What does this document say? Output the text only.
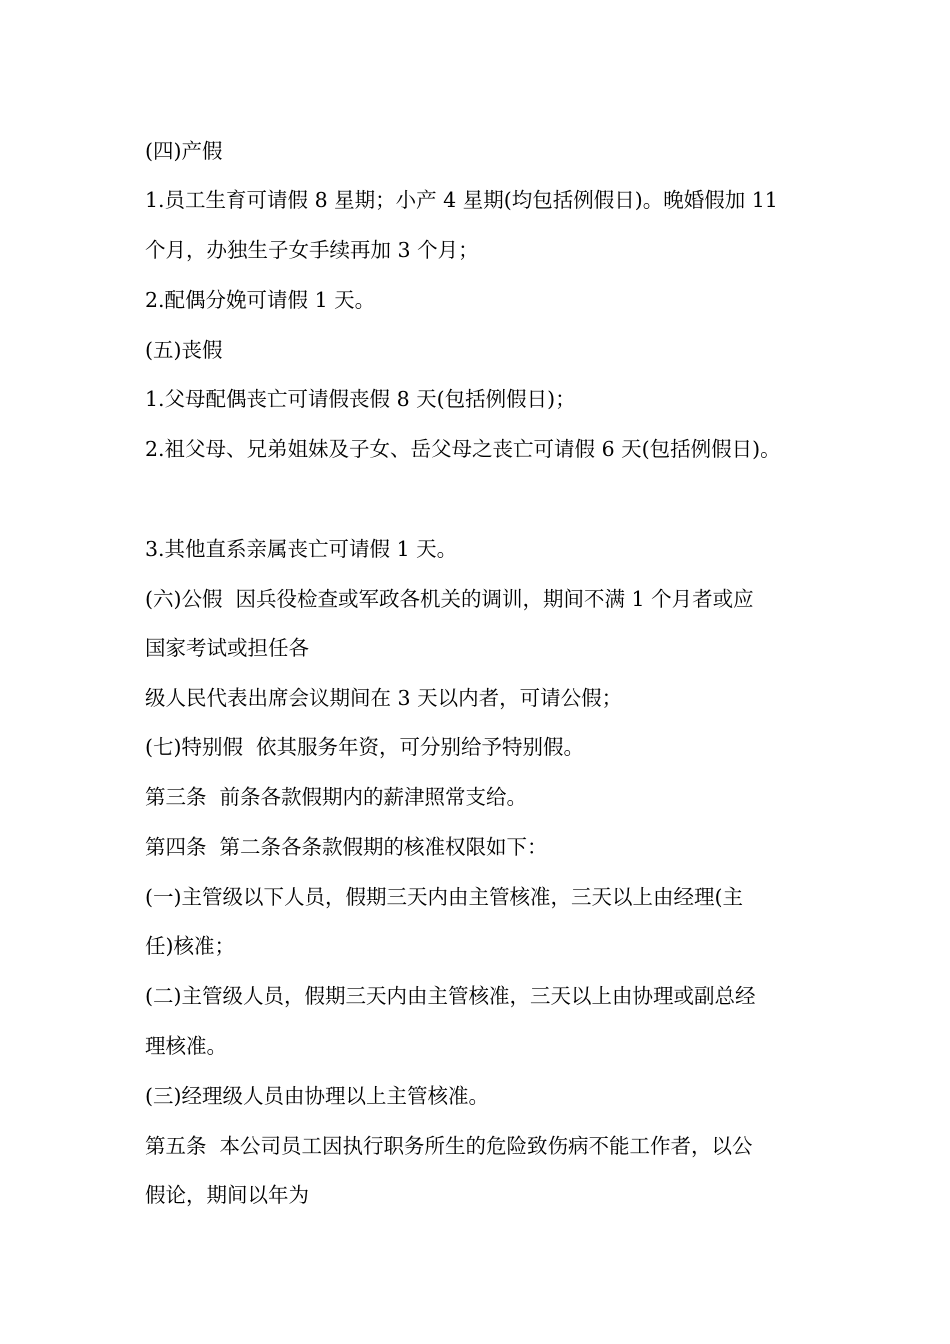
(四)产假

1.员工生育可请假 8 星期；小产 4 星期(均包括例假日)。晚婚假加 11

个月，办独生子女手续再加 3 个月；

2.配偶分娩可请假 1 天。

(五)丧假

1.父母配偶丧亡可请假丧假 8 天(包括例假日)；

2.祖父母、兄弟姐妹及子女、岳父母之丧亡可请假 6 天(包括例假日)。

3.其他直系亲属丧亡可请假 1 天。

(六)公假  因兵役检查或军政各机关的调训，期间不满 1 个月者或应

国家考试或担任各

级人民代表出席会议期间在 3 天以内者，可请公假；

(七)特别假  依其服务年资，可分别给予特别假。

第三条  前条各款假期内的薪津照常支给。

第四条  第二条各条款假期的核准权限如下：

(一)主管级以下人员，假期三天内由主管核准，三天以上由经理(主

任)核准；

(二)主管级人员，假期三天内由主管核准，三天以上由协理或副总经

理核准。

(三)经理级人员由协理以上主管核准。

第五条  本公司员工因执行职务所生的危险致伤病不能工作者，以公

假论，期间以年为
